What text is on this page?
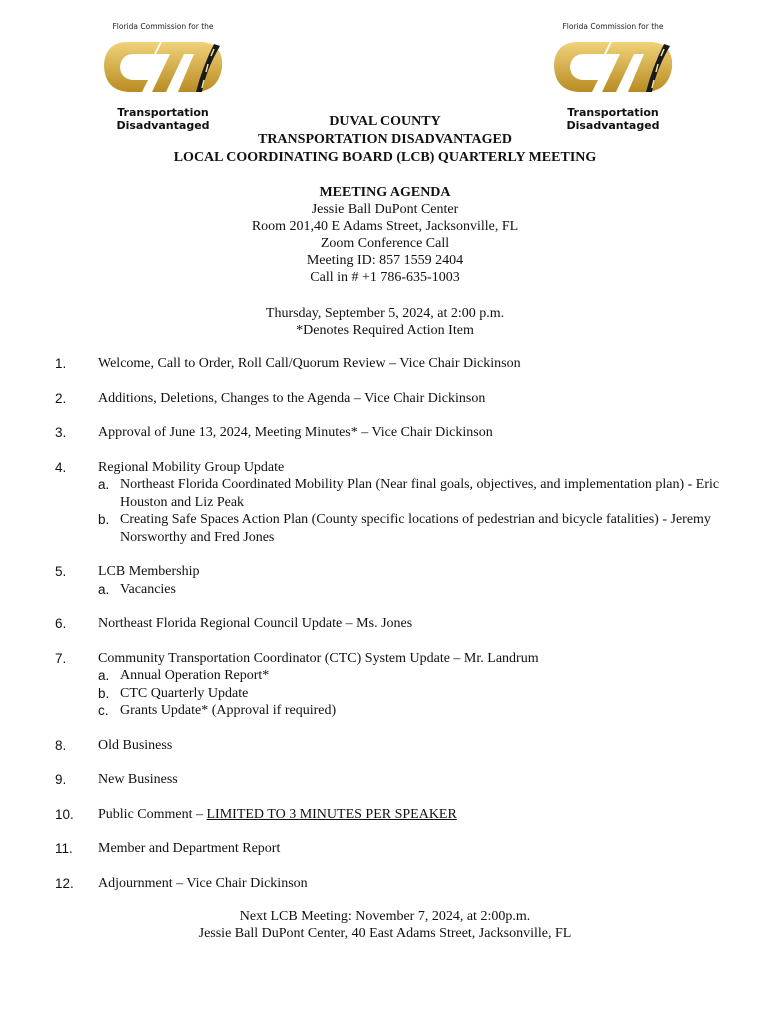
Florida Commission for the
Transportation
Disadvantaged
Florida Commission for the
Transportation
Disadvantaged
DUVAL COUNTY
TRANSPORTATION DISADVANTAGED
LOCAL COORDINATING BOARD (LCB) QUARTERLY MEETING
MEETING AGENDA
Jessie Ball DuPont Center
Room 201,40 E Adams Street, Jacksonville, FL
Zoom Conference Call
Meeting ID: 857 1559 2404
Call in # +1 786-635-1003
Thursday, September 5, 2024, at 2:00 p.m.
*Denotes Required Action Item
1.	Welcome, Call to Order, Roll Call/Quorum Review – Vice Chair Dickinson
2.	Additions, Deletions, Changes to the Agenda – Vice Chair Dickinson
3.	Approval of June 13, 2024, Meeting Minutes* – Vice Chair Dickinson
4.	Regional Mobility Group Update
a. Northeast Florida Coordinated Mobility Plan (Near final goals, objectives, and implementation plan) - Eric Houston and Liz Peak
b. Creating Safe Spaces Action Plan (County specific locations of pedestrian and bicycle fatalities) - Jeremy Norsworthy and Fred Jones
5.	LCB Membership
a. Vacancies
6.	Northeast Florida Regional Council Update – Ms. Jones
7.	Community Transportation Coordinator (CTC) System Update – Mr. Landrum
a. Annual Operation Report*
b. CTC Quarterly Update
c. Grants Update* (Approval if required)
8.	Old Business
9.	New Business
10.	Public Comment – LIMITED TO 3 MINUTES PER SPEAKER
11.	Member and Department Report
12.	Adjournment – Vice Chair Dickinson
Next LCB Meeting: November 7, 2024, at 2:00p.m.
Jessie Ball DuPont Center, 40 East Adams Street, Jacksonville, FL
